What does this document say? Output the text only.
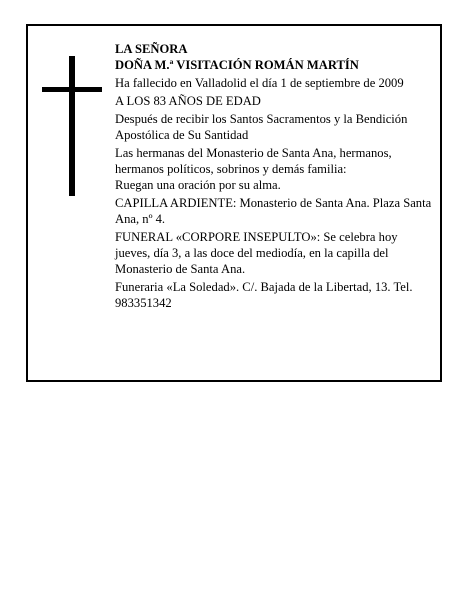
LA SEÑORA

DOÑA M.ª VISITACIÓN ROMÁN MARTÍN

Ha fallecido en Valladolid el día 1 de septiembre de 2009

A LOS 83 AÑOS DE EDAD

Después de recibir los Santos Sacramentos y la Bendición Apostólica de Su Santidad

Las hermanas del Monasterio de Santa Ana, hermanos, hermanos políticos, sobrinos y demás familia:

Ruegan una oración por su alma.

CAPILLA ARDIENTE: Monasterio de Santa Ana. Plaza Santa Ana, nº 4.

FUNERAL «CORPORE INSEPULTO»: Se celebra hoy jueves, día 3, a las doce del mediodía, en la capilla del Monasterio de Santa Ana.

Funeraria «La Soledad». C/. Bajada de la Libertad, 13. Tel. 983351342
